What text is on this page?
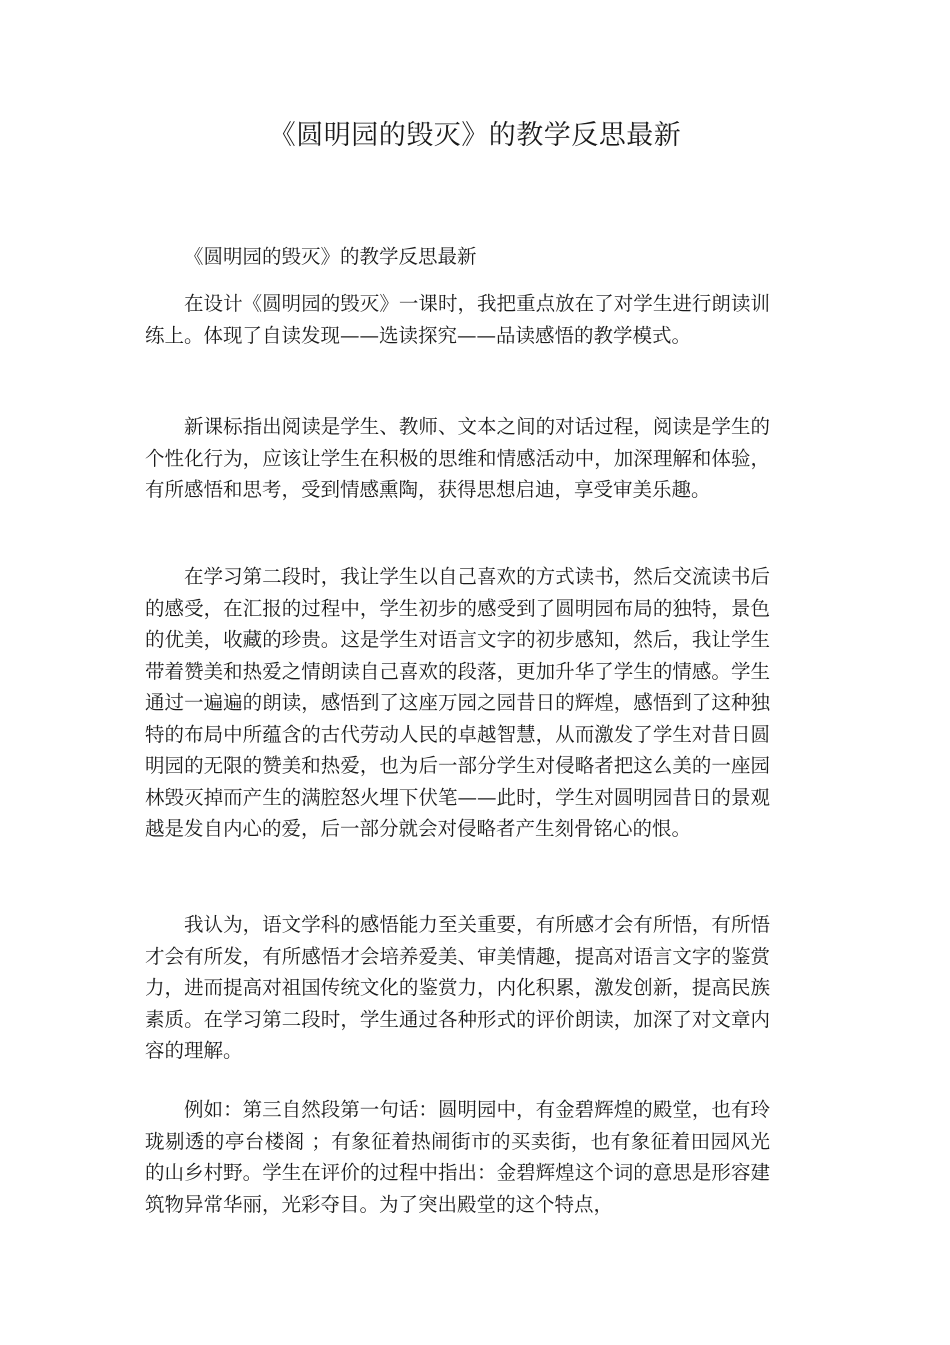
《圆明园的毁灭》的教学反思最新

《圆明园的毁灭》的教学反思最新

在设计《圆明园的毁灭》一课时，我把重点放在了对学生进行朗读训练上。体现了自读发现——选读探究——品读感悟的教学模式。

新课标指出阅读是学生、教师、文本之间的对话过程，阅读是学生的个性化行为，应该让学生在积极的思维和情感活动中，加深理解和体验，有所感悟和思考，受到情感熏陶，获得思想启迪，享受审美乐趣。

在学习第二段时，我让学生以自己喜欢的方式读书，然后交流读书后的感受，在汇报的过程中，学生初步的感受到了圆明园布局的独特，景色的优美，收藏的珍贵。这是学生对语言文字的初步感知，然后，我让学生带着赞美和热爱之情朗读自己喜欢的段落，更加升华了学生的情感。学生通过一遍遍的朗读，感悟到了这座万园之园昔日的辉煌，感悟到了这种独特的布局中所蕴含的古代劳动人民的卓越智慧，从而激发了学生对昔日圆明园的无限的赞美和热爱，也为后一部分学生对侵略者把这么美的一座园林毁灭掉而产生的满腔怒火埋下伏笔——此时，学生对圆明园昔日的景观越是发自内心的爱，后一部分就会对侵略者产生刻骨铭心的恨。

我认为，语文学科的感悟能力至关重要，有所感才会有所悟，有所悟才会有所发，有所感悟才会培养爱美、审美情趣，提高对语言文字的鉴赏力，进而提高对祖国传统文化的鉴赏力，内化积累，激发创新，提高民族素质。在学习第二段时，学生通过各种形式的评价朗读，加深了对文章内容的理解。

例如：第三自然段第一句话：圆明园中，有金碧辉煌的殿堂，也有玲珑剔透的亭台楼阁 ；有象征着热闹街市的买卖街，也有象征着田园风光的山乡村野。学生在评价的过程中指出：金碧辉煌这个词的意思是形容建筑物异常华丽，光彩夺目。为了突出殿堂的这个特点，
